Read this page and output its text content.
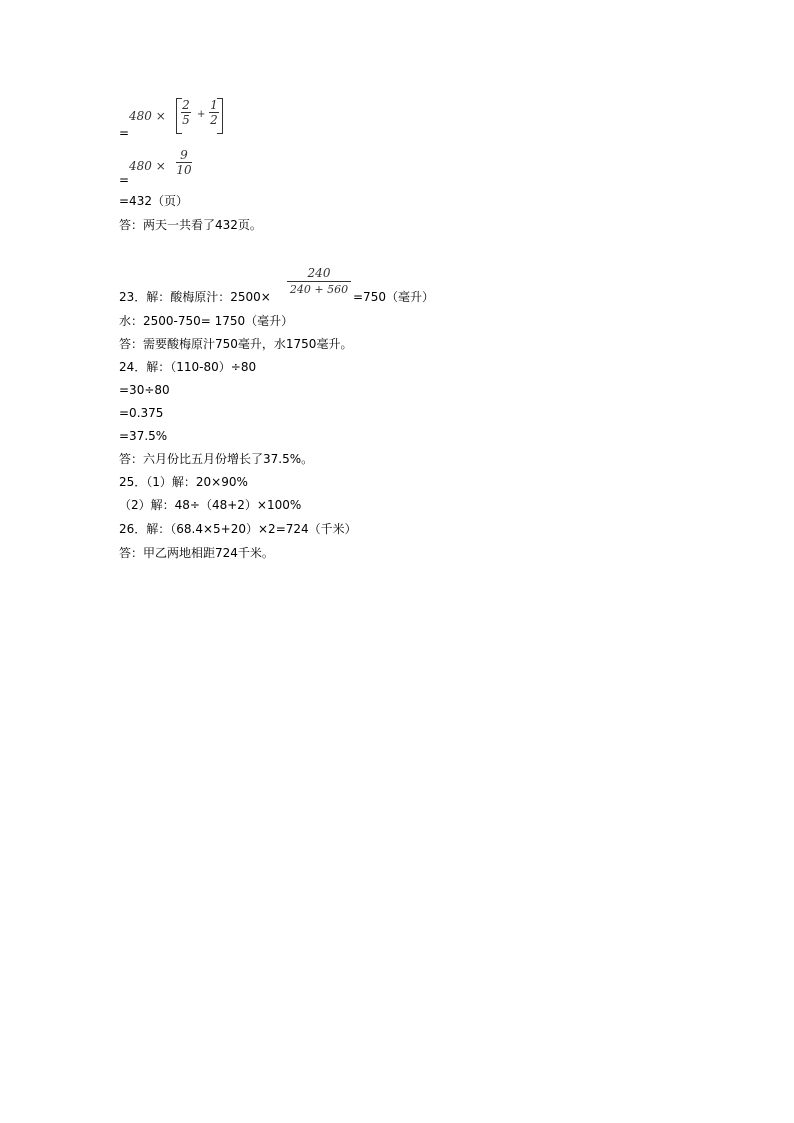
=
480 ×
2
5 +
1
2
=
480 ×
9
10
=432（页）
答：两天一共看了432页。
23．解：酸梅原汁：2500×
240
240 + 560
=750（毫升）
水：2500-750= 1750（毫升）
答：需要酸梅原汁750毫升，水1750毫升。
24．解：（110-80）÷80
=30÷80
=0.375
=37.5%
答：六月份比五月份增长了37.5%。
25．（1）解：20×90%
（2）解：48÷（48+2）×100%
26．解：（68.4×5+20）×2=724（千米）
答：甲乙两地相距724千米。
